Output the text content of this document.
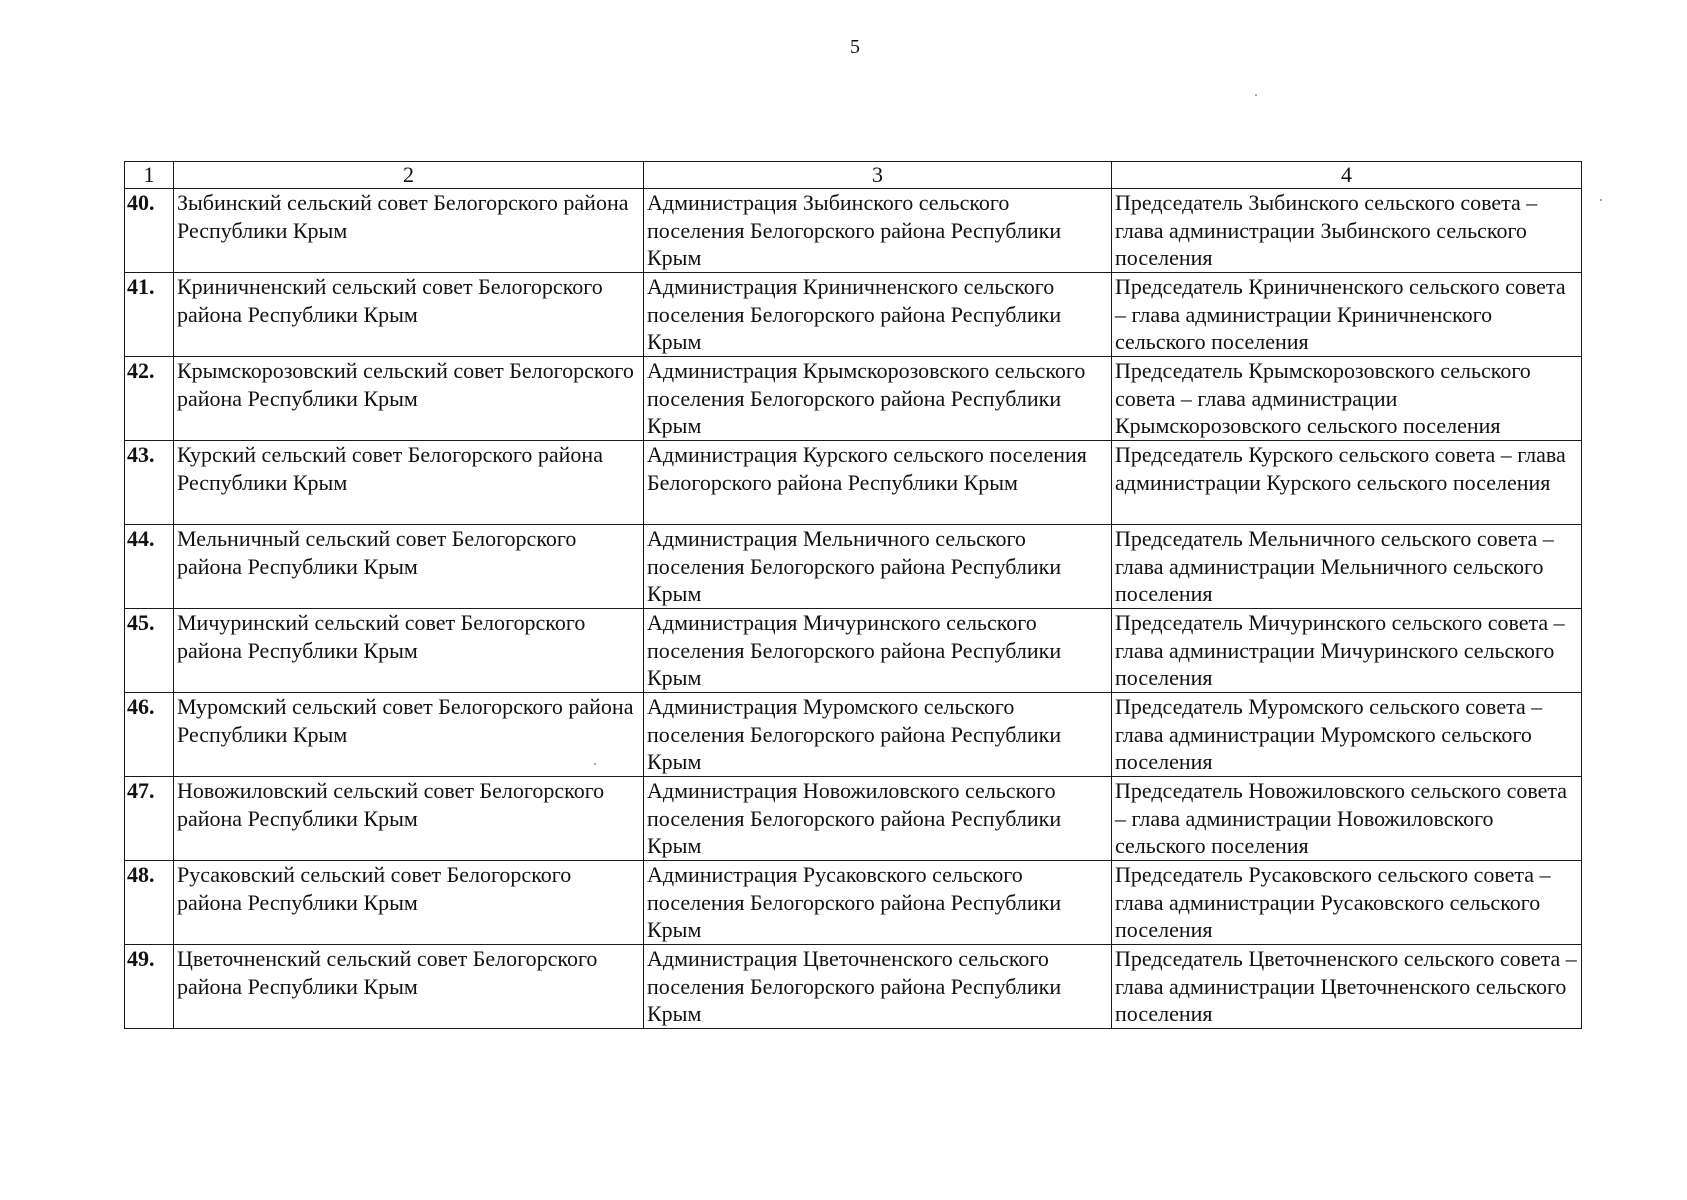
5
1	2	3	4
40.	Зыбинский сельский совет Белогорского района Республики Крым	Администрация Зыбинского сельского поселения Белогорского района Республики Крым	Председатель Зыбинского сельского совета – глава администрации Зыбинского сельского поселения
41.	Криничненский сельский совет Белогорского района Республики Крым	Администрация Криничненского сельского поселения Белогорского района Республики Крым	Председатель Криничненского сельского совета – глава администрации Криничненского сельского поселения
42.	Крымскорозовский сельский совет Белогорского района Республики Крым	Администрация Крымскорозовского сельского поселения Белогорского района Республики Крым	Председатель Крымскорозовского сельского совета – глава администрации Крымскорозовского сельского поселения
43.	Курский сельский совет Белогорского района Республики Крым	Администрация Курского сельского поселения Белогорского района Республики Крым	Председатель Курского сельского совета – глава администрации Курского сельского поселения
44.	Мельничный сельский совет Белогорского района Республики Крым	Администрация Мельничного сельского поселения Белогорского района Республики Крым	Председатель Мельничного сельского совета – глава администрации Мельничного сельского поселения
45.	Мичуринский сельский совет Белогорского района Республики Крым	Администрация Мичуринского сельского поселения Белогорского района Республики Крым	Председатель Мичуринского сельского совета – глава администрации Мичуринского сельского поселения
46.	Муромский сельский совет Белогорского района Республики Крым	Администрация Муромского сельского поселения Белогорского района Республики Крым	Председатель Муромского сельского совета – глава администрации Муромского сельского поселения
47.	Новожиловский сельский совет Белогорского района Республики Крым	Администрация Новожиловского сельского поселения Белогорского района Республики Крым	Председатель Новожиловского сельского совета – глава администрации Новожиловского сельского поселения
48.	Русаковский сельский совет Белогорского района Республики Крым	Администрация Русаковского сельского поселения Белогорского района Республики Крым	Председатель Русаковского сельского совета – глава администрации Русаковского сельского поселения
49.	Цветочненский сельский совет Белогорского района Республики Крым	Администрация Цветочненского сельского поселения Белогорского района Республики Крым	Председатель Цветочненского сельского совета – глава администрации Цветочненского сельского поселения
